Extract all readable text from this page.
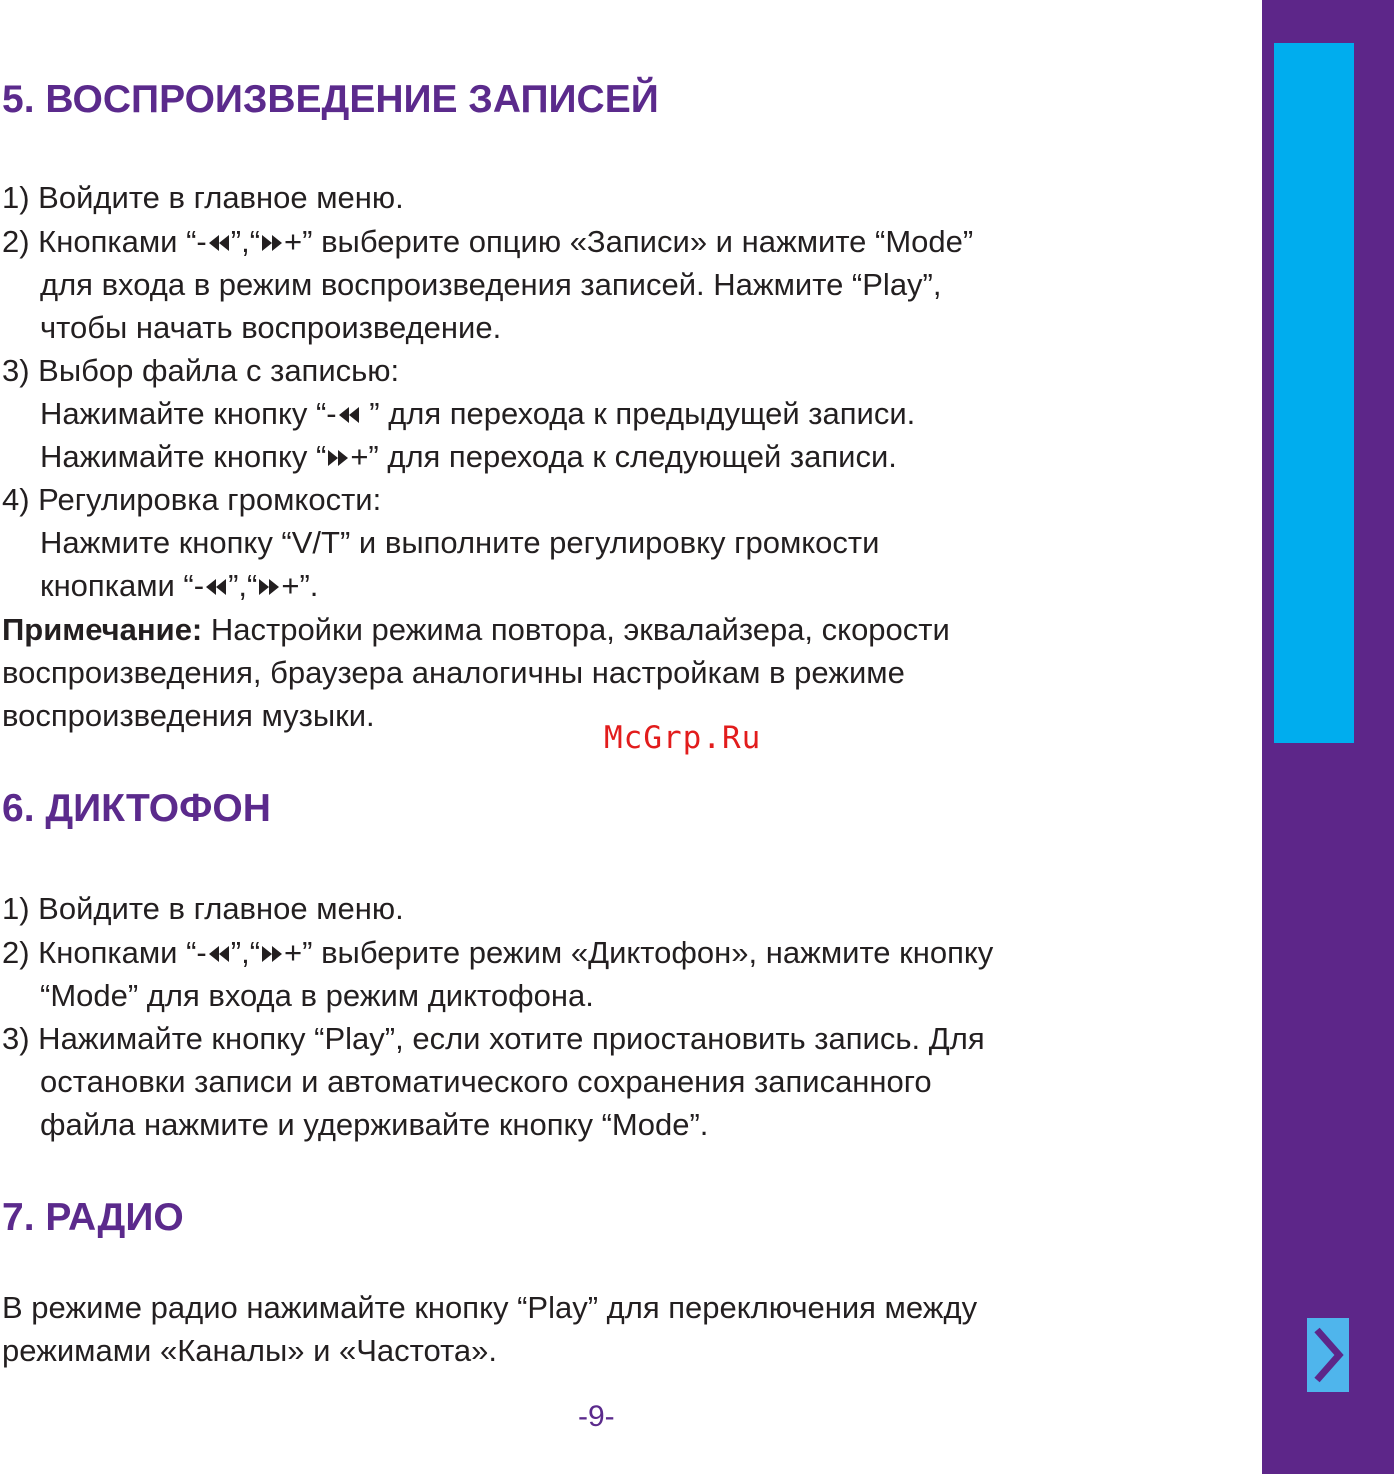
5. ВОСПРОИЗВЕДЕНИЕ ЗАПИСЕЙ

1) Войдите в главное меню.

2) Кнопками “- ”,“ +” выберите опцию «Записи» и нажмите “Mode”

для входа в режим воспроизведения записей. Нажмите “Play”,

чтобы начать воспроизведение.

3) Выбор файла с записью:

Нажимайте кнопку “-
” для перехода к предыдущей записи.

Нажимайте кнопку “ +” для перехода к следующей записи.

4) Регулировка громкости:

Нажмите кнопку “V/T” и выполните регулировку громкости

кнопками “- ”,“ +”.

Примечание: Настройки режима повтора, эквалайзера, скорости

воспроизведения, браузера аналогичны настройкам в режиме

воспроизведения музыки.

6. ДИКТОФОН

1) Войдите в главное меню.

2) Кнопками “- ”,“ +” выберите режим «Диктофон», нажмите кнопку

“Mode” для входа в режим диктофона.

3) Нажимайте кнопку “Play”, если хотите приостановить запись. Для

остановки записи и автоматического сохранения записанного

файла нажмите и удерживайте кнопку “Mode”.

7. РАДИО

В режиме радио нажимайте кнопку “Play” для переключения между

режимами «Каналы» и «Частота».

McGrp.Ru
-9-
